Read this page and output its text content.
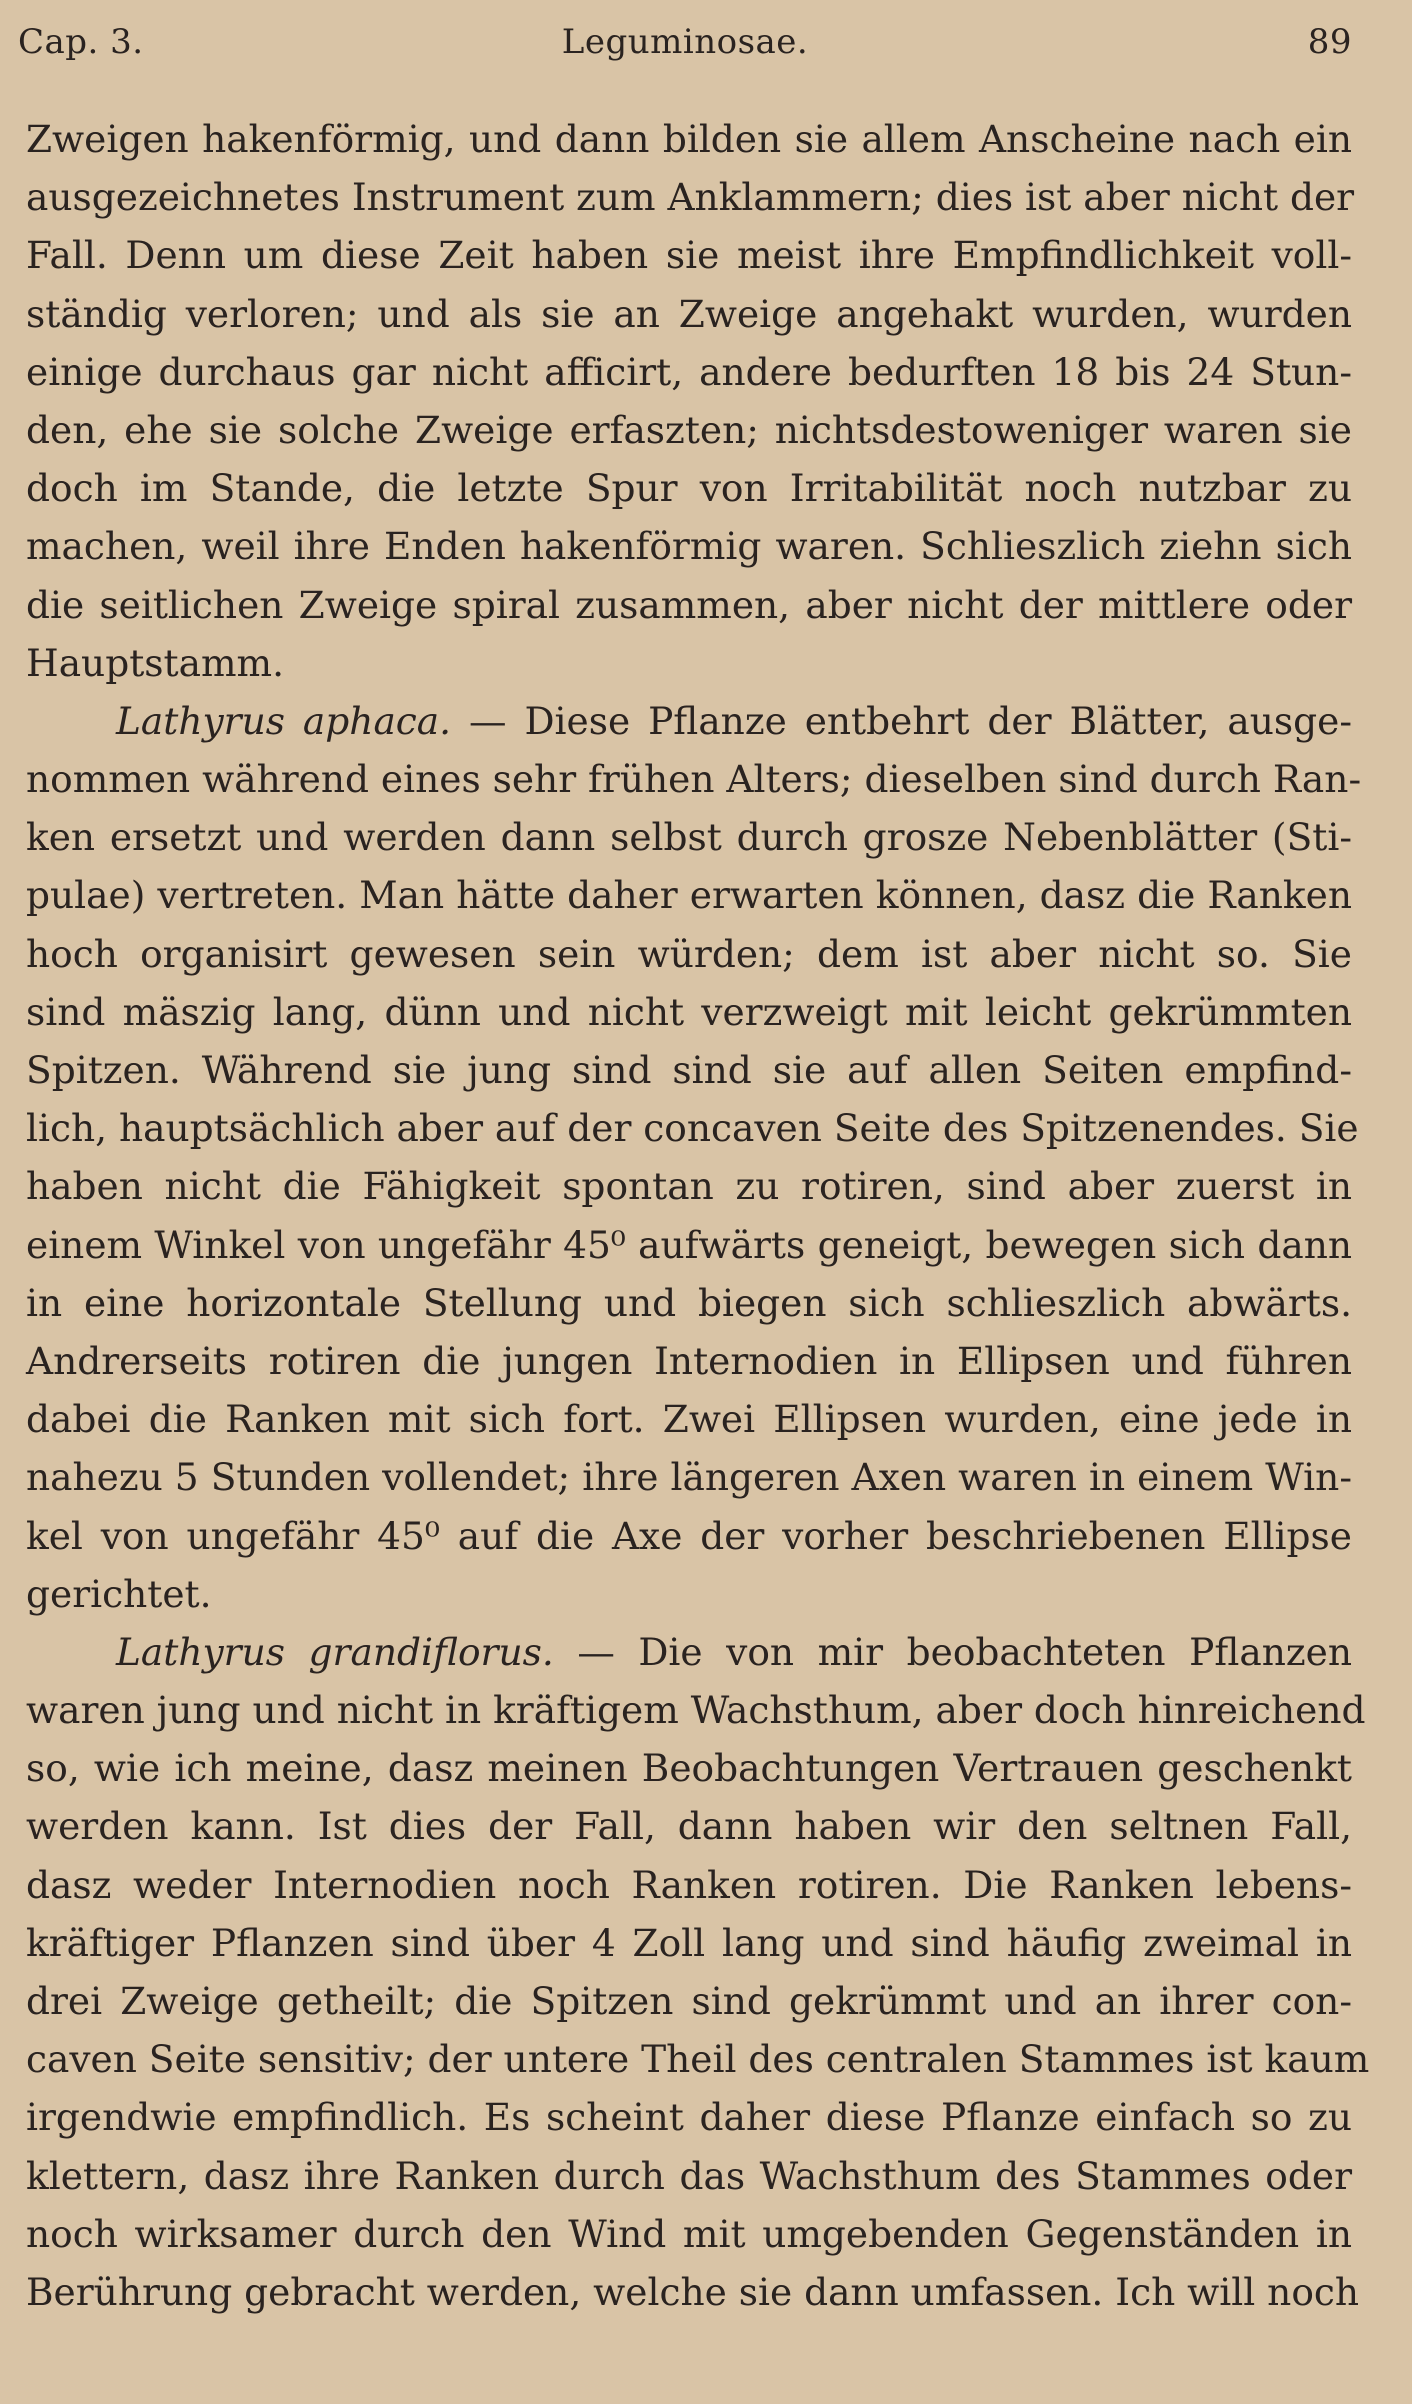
Cap. 3.	Leguminosae.	89
Zweigen hakenförmig, und dann bilden sie allem Anscheine nach ein
ausgezeichnetes Instrument zum Anklammern; dies ist aber nicht der
Fall. Denn um diese Zeit haben sie meist ihre Empfindlichkeit voll-
ständig verloren; und als sie an Zweige angehakt wurden, wurden
einige durchaus gar nicht afficirt, andere bedurften 18 bis 24 Stun-
den, ehe sie solche Zweige erfaszten; nichtsdestoweniger waren sie
doch im Stande, die letzte Spur von Irritabilität noch nutzbar zu
machen, weil ihre Enden hakenförmig waren. Schlieszlich ziehn sich
die seitlichen Zweige spiral zusammen, aber nicht der mittlere oder
Hauptstamm.
Lathyrus aphaca. — Diese Pflanze entbehrt der Blätter, ausge-
nommen während eines sehr frühen Alters; dieselben sind durch Ran-
ken ersetzt und werden dann selbst durch grosze Nebenblätter (Sti-
pulae) vertreten. Man hätte daher erwarten können, dasz die Ranken
hoch organisirt gewesen sein würden; dem ist aber nicht so. Sie
sind mäszig lang, dünn und nicht verzweigt mit leicht gekrümmten
Spitzen. Während sie jung sind sind sie auf allen Seiten empfind-
lich, hauptsächlich aber auf der concaven Seite des Spitzenendes. Sie
haben nicht die Fähigkeit spontan zu rotiren, sind aber zuerst in
einem Winkel von ungefähr 45⁰ aufwärts geneigt, bewegen sich dann
in eine horizontale Stellung und biegen sich schlieszlich abwärts.
Andrerseits rotiren die jungen Internodien in Ellipsen und führen
dabei die Ranken mit sich fort. Zwei Ellipsen wurden, eine jede in
nahezu 5 Stunden vollendet; ihre längeren Axen waren in einem Win-
kel von ungefähr 45⁰ auf die Axe der vorher beschriebenen Ellipse
gerichtet.
Lathyrus grandiflorus. — Die von mir beobachteten Pflanzen
waren jung und nicht in kräftigem Wachsthum, aber doch hinreichend
so, wie ich meine, dasz meinen Beobachtungen Vertrauen geschenkt
werden kann. Ist dies der Fall, dann haben wir den seltnen Fall,
dasz weder Internodien noch Ranken rotiren. Die Ranken lebens-
kräftiger Pflanzen sind über 4 Zoll lang und sind häufig zweimal in
drei Zweige getheilt; die Spitzen sind gekrümmt und an ihrer con-
caven Seite sensitiv; der untere Theil des centralen Stammes ist kaum
irgendwie empfindlich. Es scheint daher diese Pflanze einfach so zu
klettern, dasz ihre Ranken durch das Wachsthum des Stammes oder
noch wirksamer durch den Wind mit umgebenden Gegenständen in
Berührung gebracht werden, welche sie dann umfassen. Ich will noch
